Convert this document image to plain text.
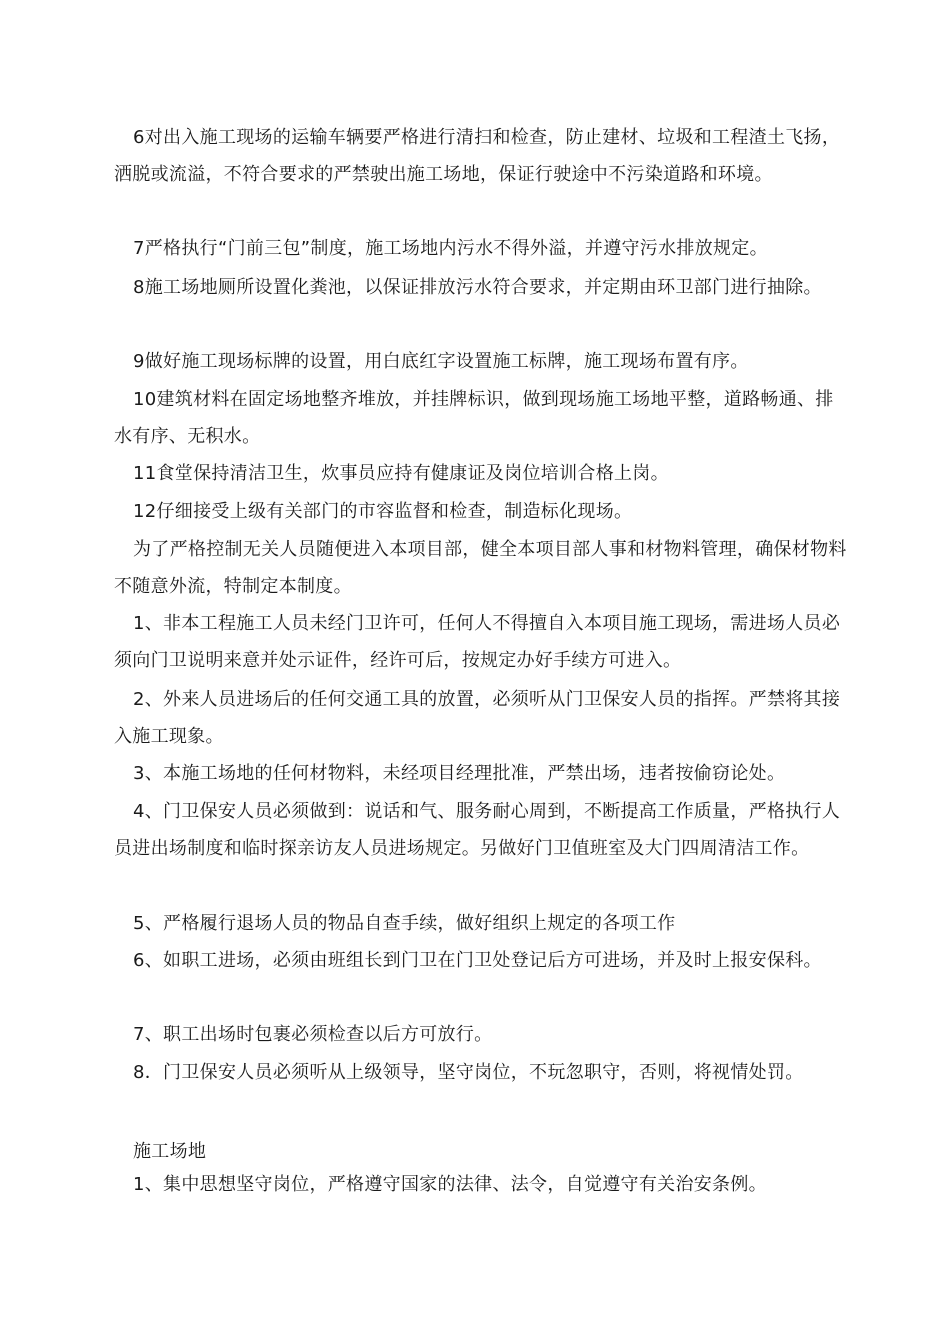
6对出入施工现场的运输车辆要严格进行清扫和检查，防止建材、垃圾和工程渣土飞扬，洒脱或流溢，不符合要求的严禁驶出施工场地，保证行驶途中不污染道路和环境。

7严格执行“门前三包”制度，施工场地内污水不得外溢，并遵守污水排放规定。

8施工场地厕所设置化粪池，以保证排放污水符合要求，并定期由环卫部门进行抽除。

9做好施工现场标牌的设置，用白底红字设置施工标牌，施工现场布置有序。

10建筑材料在固定场地整齐堆放，并挂牌标识，做到现场施工场地平整，道路畅通、排水有序、无积水。

11食堂保持清洁卫生，炊事员应持有健康证及岗位培训合格上岗。

12仔细接受上级有关部门的市容监督和检查，制造标化现场。

为了严格控制无关人员随便进入本项目部，健全本项目部人事和材物料管理，确保材物料不随意外流，特制定本制度。

1、非本工程施工人员未经门卫许可，任何人不得擅自入本项目施工现场，需进场人员必须向门卫说明来意并处示证件，经许可后，按规定办好手续方可进入。

2、外来人员进场后的任何交通工具的放置，必须听从门卫保安人员的指挥。严禁将其接入施工现象。

3、本施工场地的任何材物料，未经项目经理批准，严禁出场，违者按偷窃论处。

4、门卫保安人员必须做到：说话和气、服务耐心周到，不断提高工作质量，严格执行人员进出场制度和临时探亲访友人员进场规定。另做好门卫值班室及大门四周清洁工作。

5、严格履行退场人员的物品自查手续，做好组织上规定的各项工作

6、如职工进场，必须由班组长到门卫在门卫处登记后方可进场，并及时上报安保科。

7、职工出场时包裹必须检查以后方可放行。

8．门卫保安人员必须听从上级领导，坚守岗位，不玩忽职守，否则，将视情处罚。

施工场地

1、集中思想坚守岗位，严格遵守国家的法律、法令，自觉遵守有关治安条例。
